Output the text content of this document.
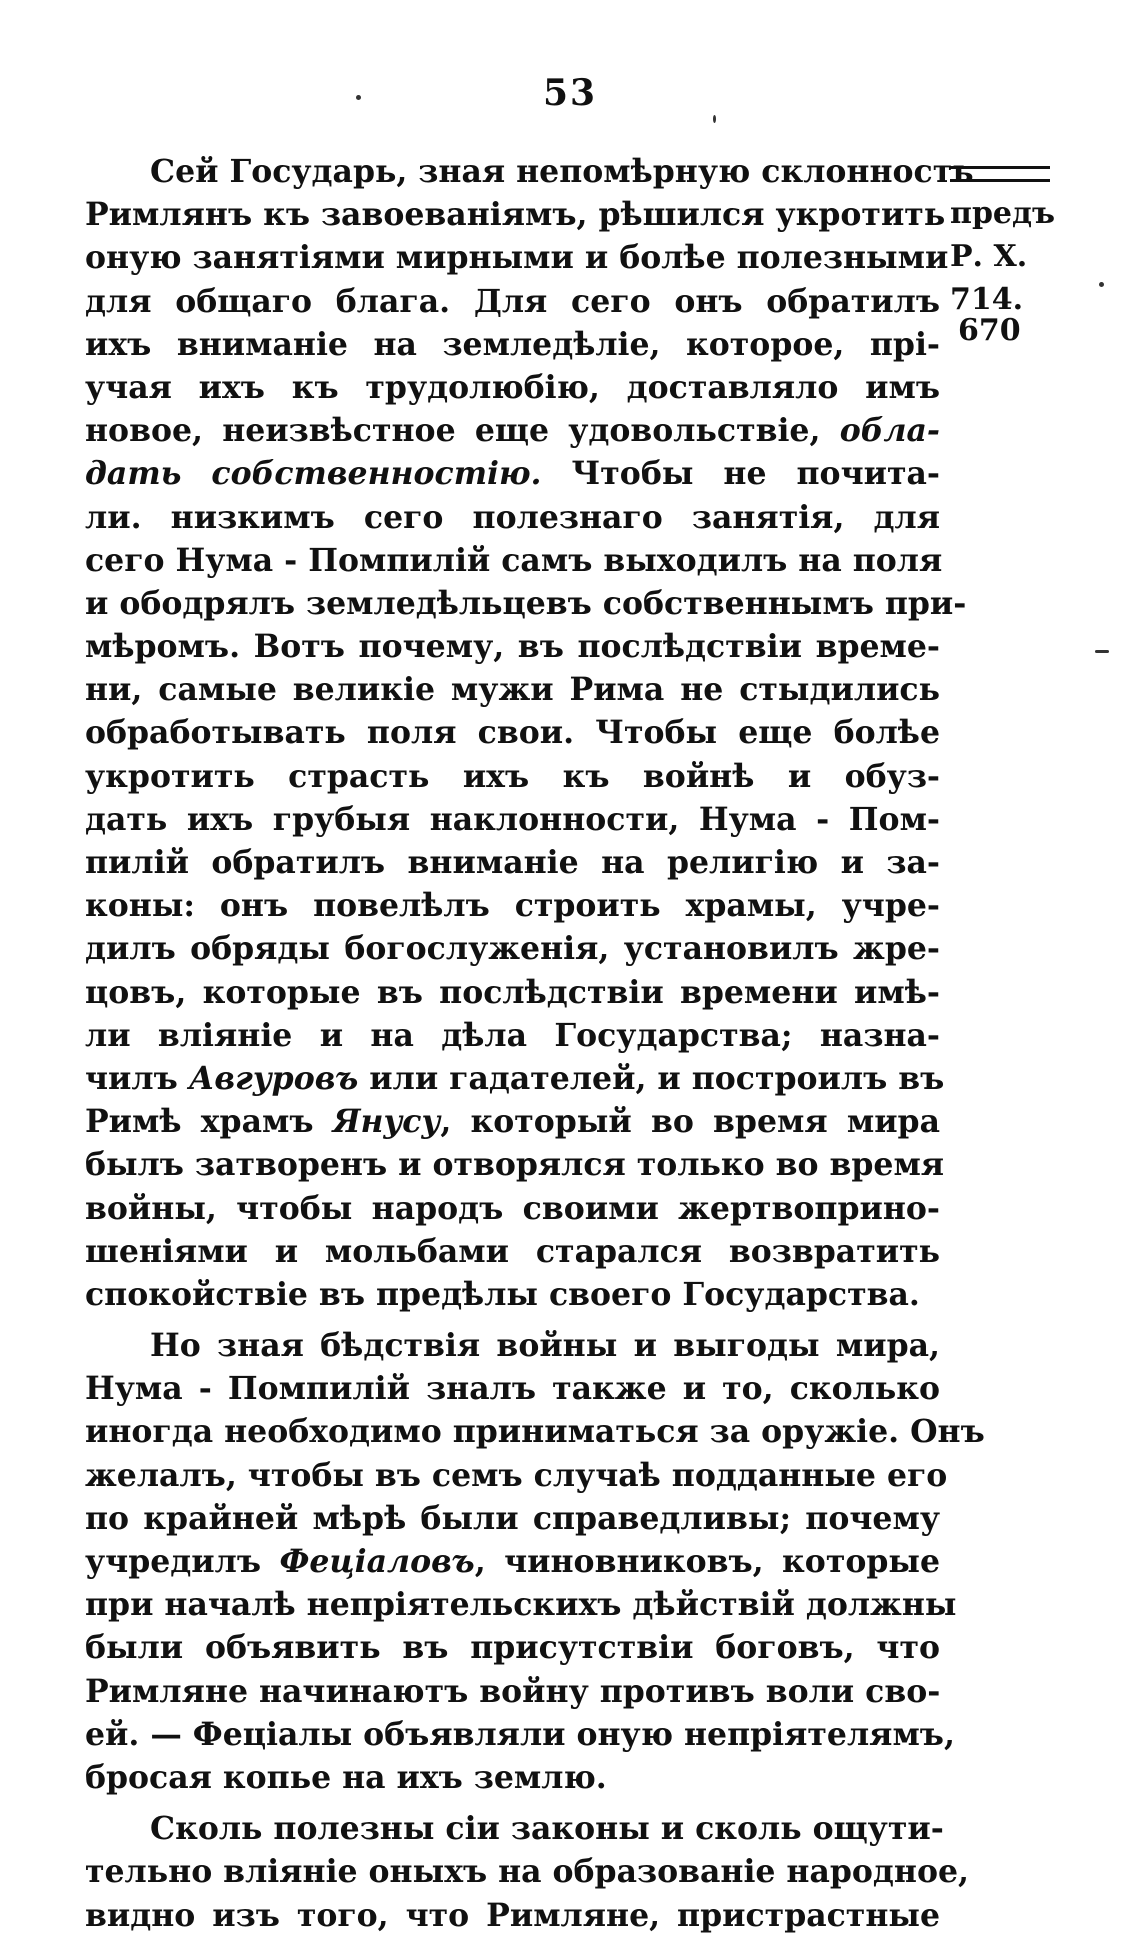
53
Сей Государь, зная непомѣрную склонность
Римлянъ къ завоеваніямъ, рѣшился укротить
оную занятіями мирными и болѣе полезными
для общаго блага. Для сего онъ обратилъ
ихъ вниманіе на земледѣліе, которое, прі-
учая ихъ къ трудолюбію, доставляло имъ
новое, неизвѣстное еще удовольствіе, обла-
дать собственностію. Чтобы не почита-
ли. низкимъ сего полезнаго занятія, для
сего Нума - Помпилій самъ выходилъ на поля
и ободрялъ земледѣльцевъ собственнымъ при-
мѣромъ. Вотъ почему, въ послѣдствіи време-
ни, самые великіе мужи Рима не стыдились
обработывать поля свои. Чтобы еще болѣе
укротить страсть ихъ къ войнѣ и обуз-
дать ихъ грубыя наклонности, Нума - Пом-
пилій обратилъ вниманіе на религію и за-
коны: онъ повелѣлъ строить храмы, учре-
дилъ обряды богослуженія, установилъ жре-
цовъ, которые въ послѣдствіи времени имѣ-
ли вліяніе и на дѣла Государства; назна-
чилъ Авгуровъ или гадателей, и построилъ въ
Римѣ храмъ Янусу, который во время мира
былъ затворенъ и отворялся только во время
войны, чтобы народъ своими жертвоприно-
шеніями и мольбами старался возвратить
спокойствіе въ предѣлы своего Государства.
Но зная бѣдствія войны и выгоды мира,
Нума - Помпилій зналъ также и то, сколько
иногда необходимо приниматься за оружіе. Онъ
желалъ, чтобы въ семъ случаѣ подданные его
по крайней мѣрѣ были справедливы; почему
учредилъ Феціаловъ, чиновниковъ, которые
при началѣ непріятельскихъ дѣйствій должны
были объявить въ присутствіи боговъ, что
Римляне начинаютъ войну противъ воли сво-
ей. — Феціалы объявляли оную непріятелямъ,
бросая копье на ихъ землю.
Сколь полезны сіи законы и сколь ощути-
тельно вліяніе оныхъ на образованіе народное,
видно изъ того, что Римляне, пристрастные
предъ
Р. Х.
714.
670
